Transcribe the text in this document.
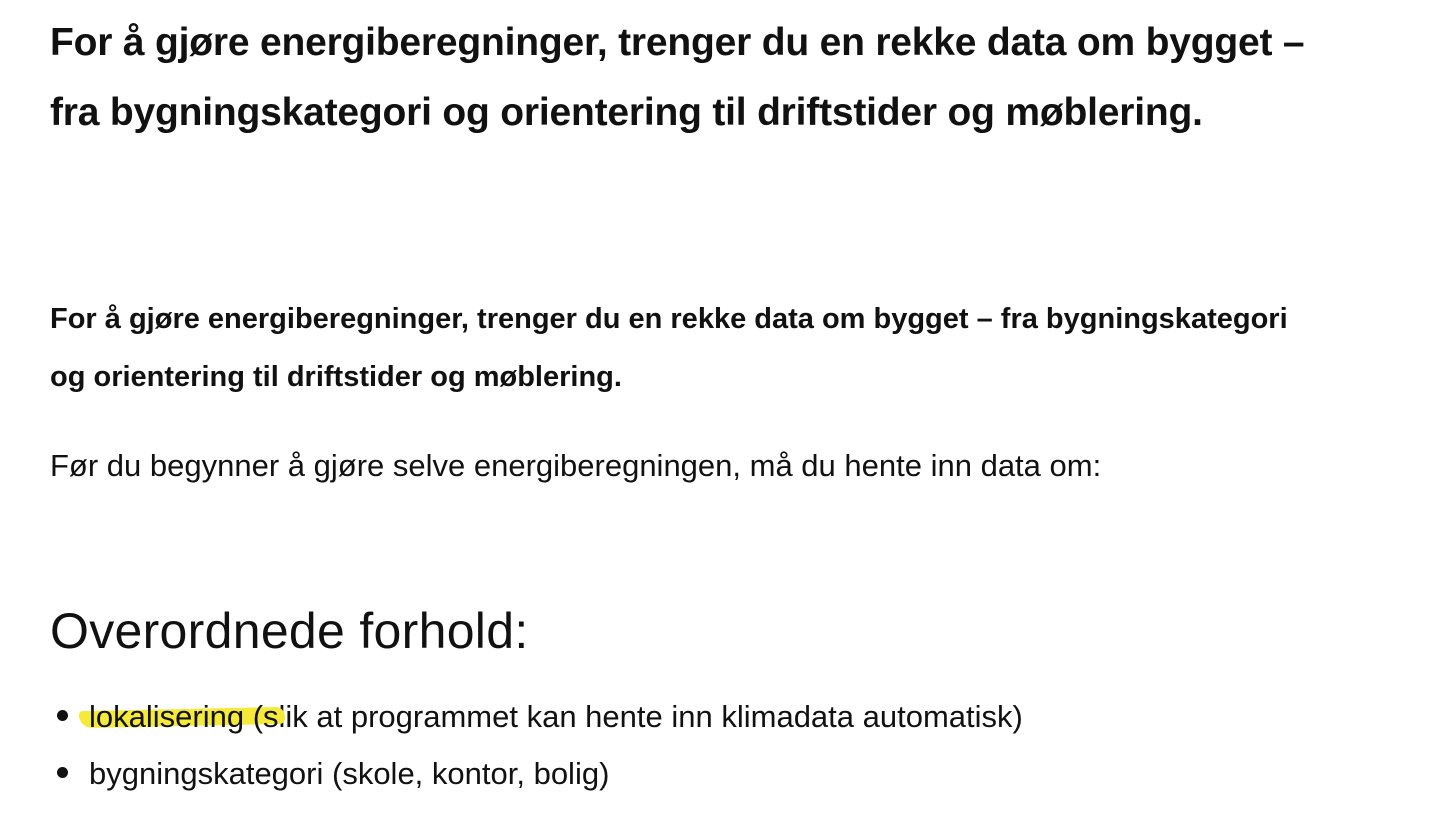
For å gjøre energiberegninger, trenger du en rekke data om bygget – fra bygningskategori og orientering til driftstider og møblering.

For å gjøre energiberegninger, trenger du en rekke data om bygget – fra bygningskategori og orientering til driftstider og møblering.

Før du begynner å gjøre selve energiberegningen, må du hente inn data om:

Overordnede forhold:
lokalisering (slik at programmet kan hente inn klimadata automatisk)
bygningskategori (skole, kontor, bolig)
